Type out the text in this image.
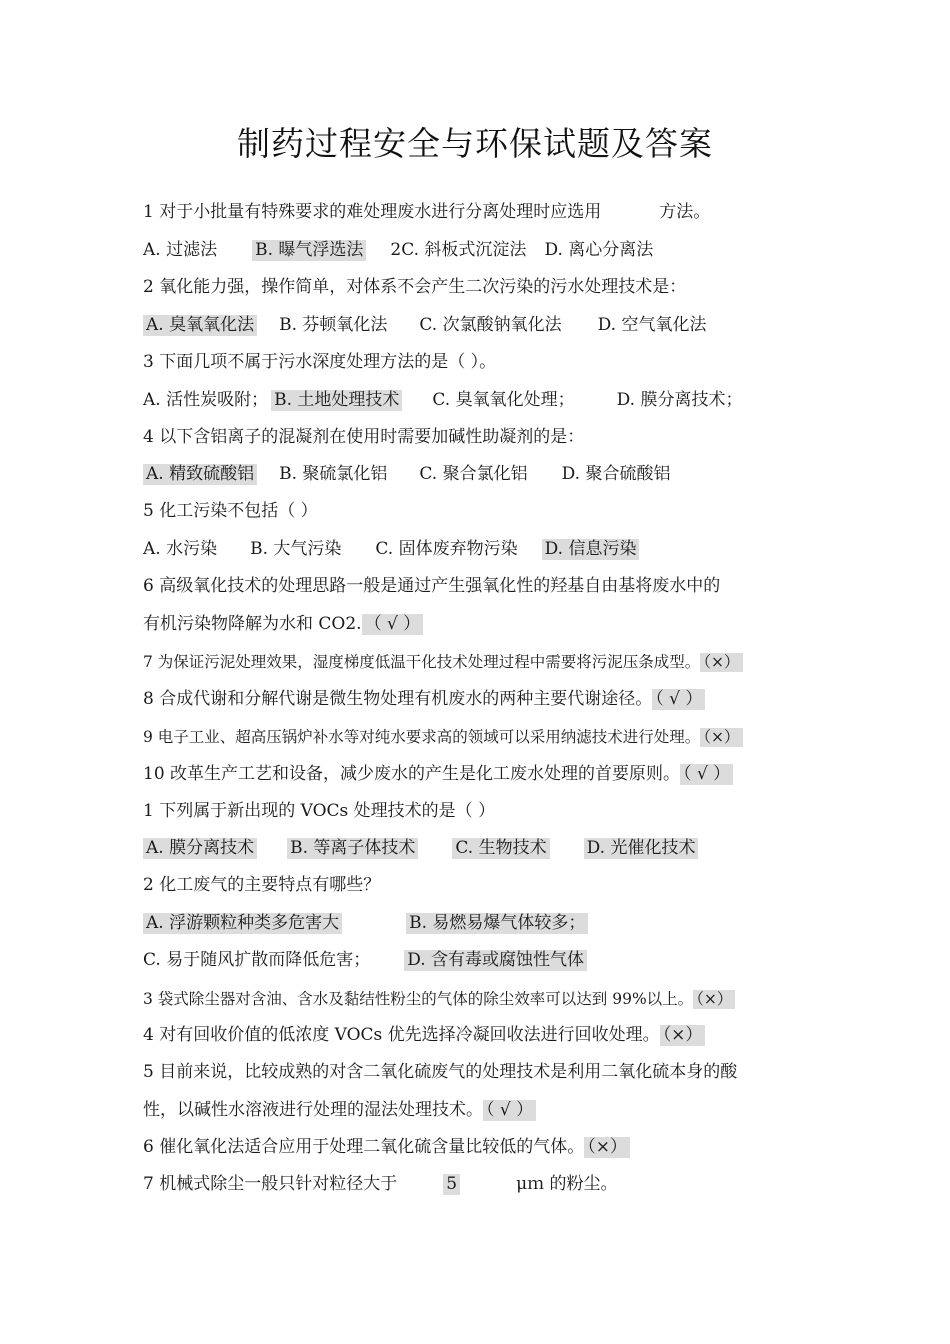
制药过程安全与环保试题及答案
1 对于小批量有特殊要求的难处理废水进行分离处理时应选用	方法。
A. 过滤法 B. 曝气浮选法 2C. 斜板式沉淀法 D. 离心分离法
2 氧化能力强，操作简单，对体系不会产生二次污染的污水处理技术是：
A. 臭氧氧化法 B. 芬顿氧化法 C. 次氯酸钠氧化法 D. 空气氧化法
3 下面几项不属于污水深度处理方法的是（ ）。
A. 活性炭吸附； B. 土地处理技术 C. 臭氧氧化处理； D. 膜分离技术；
4 以下含铝离子的混凝剂在使用时需要加碱性助凝剂的是：
A. 精致硫酸铝 B. 聚硫氯化铝 C. 聚合氯化铝 D. 聚合硫酸铝
5 化工污染不包括（ ）
A. 水污染 B. 大气污染 C. 固体废弃物污染 D. 信息污染
6 高级氧化技术的处理思路一般是通过产生强氧化性的羟基自由基将废水中的
有机污染物降解为水和 CO2. （ √ ）
7 为保证污泥处理效果，湿度梯度低温干化技术处理过程中需要将污泥压条成型。 （×）
8 合成代谢和分解代谢是微生物处理有机废水的两种主要代谢途径。 （ √ ）
9 电子工业、超高压锅炉补水等对纯水要求高的领域可以采用纳滤技术进行处理。 （×）
10 改革生产工艺和设备，减少废水的产生是化工废水处理的首要原则。 （ √ ）
1 下列属于新出现的 VOCs 处理技术的是（ ）
A. 膜分离技术 B. 等离子体技术 C. 生物技术 D. 光催化技术
2 化工废气的主要特点有哪些？
A. 浮游颗粒种类多危害大	B. 易燃易爆气体较多；
C. 易于随风扩散而降低危害； D. 含有毒或腐蚀性气体
3 袋式除尘器对含油、含水及黏结性粉尘的气体的除尘效率可以达到 99%以上。 （×）
4 对有回收价值的低浓度 VOCs 优先选择冷凝回收法进行回收处理。 （×）
5 目前来说，比较成熟的对含二氧化硫废气的处理技术是利用二氧化硫本身的酸
性，以碱性水溶液进行处理的湿法处理技术。 （ √ ）
6 催化氧化法适合应用于处理二氧化硫含量比较低的气体。 （×）
7 机械式除尘一般只针对粒径大于	5	μｍ 的粉尘。
